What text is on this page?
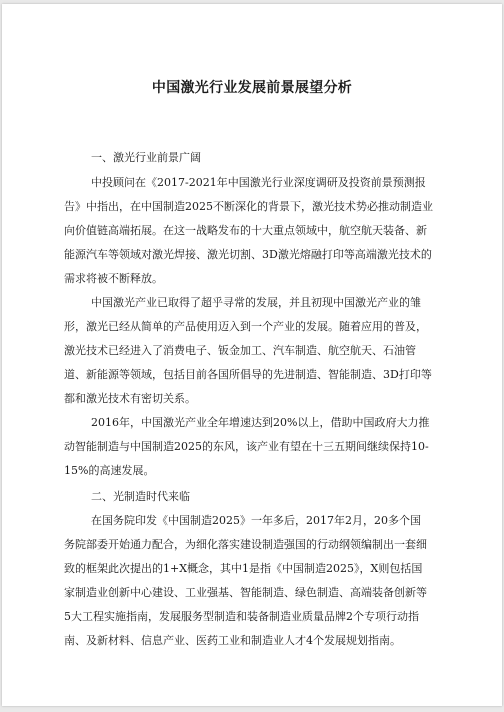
中国激光行业发展前景展望分析
一、激光行业前景广阔
中投顾问在《2017-2021年中国激光行业深度调研及投资前景预测报
告》中指出，在中国制造2025不断深化的背景下，激光技术势必推动制造业
向价值链高端拓展。在这一战略发布的十大重点领域中，航空航天装备、新
能源汽车等领域对激光焊接、激光切割、3D激光熔融打印等高端激光技术的
需求将被不断释放。
中国激光产业已取得了超乎寻常的发展，并且初现中国激光产业的雏
形，激光已经从简单的产品使用迈入到一个产业的发展。随着应用的普及，
激光技术已经进入了消费电子、钣金加工、汽车制造、航空航天、石油管
道、新能源等领域，包括目前各国所倡导的先进制造、智能制造、3D打印等
都和激光技术有密切关系。
2016年，中国激光产业全年增速达到20%以上，借助中国政府大力推
动智能制造与中国制造2025的东风，该产业有望在十三五期间继续保持10-
15%的高速发展。
二、光制造时代来临
在国务院印发《中国制造2025》一年多后，2017年2月，20多个国
务院部委开始通力配合，为细化落实建设制造强国的行动纲领编制出一套细
致的框架此次提出的1+X概念，其中1是指《中国制造2025》，X则包括国
家制造业创新中心建设、工业强基、智能制造、绿色制造、高端装备创新等
5大工程实施指南，发展服务型制造和装备制造业质量品牌2个专项行动指
南、及新材料、信息产业、医药工业和制造业人才4个发展规划指南。
